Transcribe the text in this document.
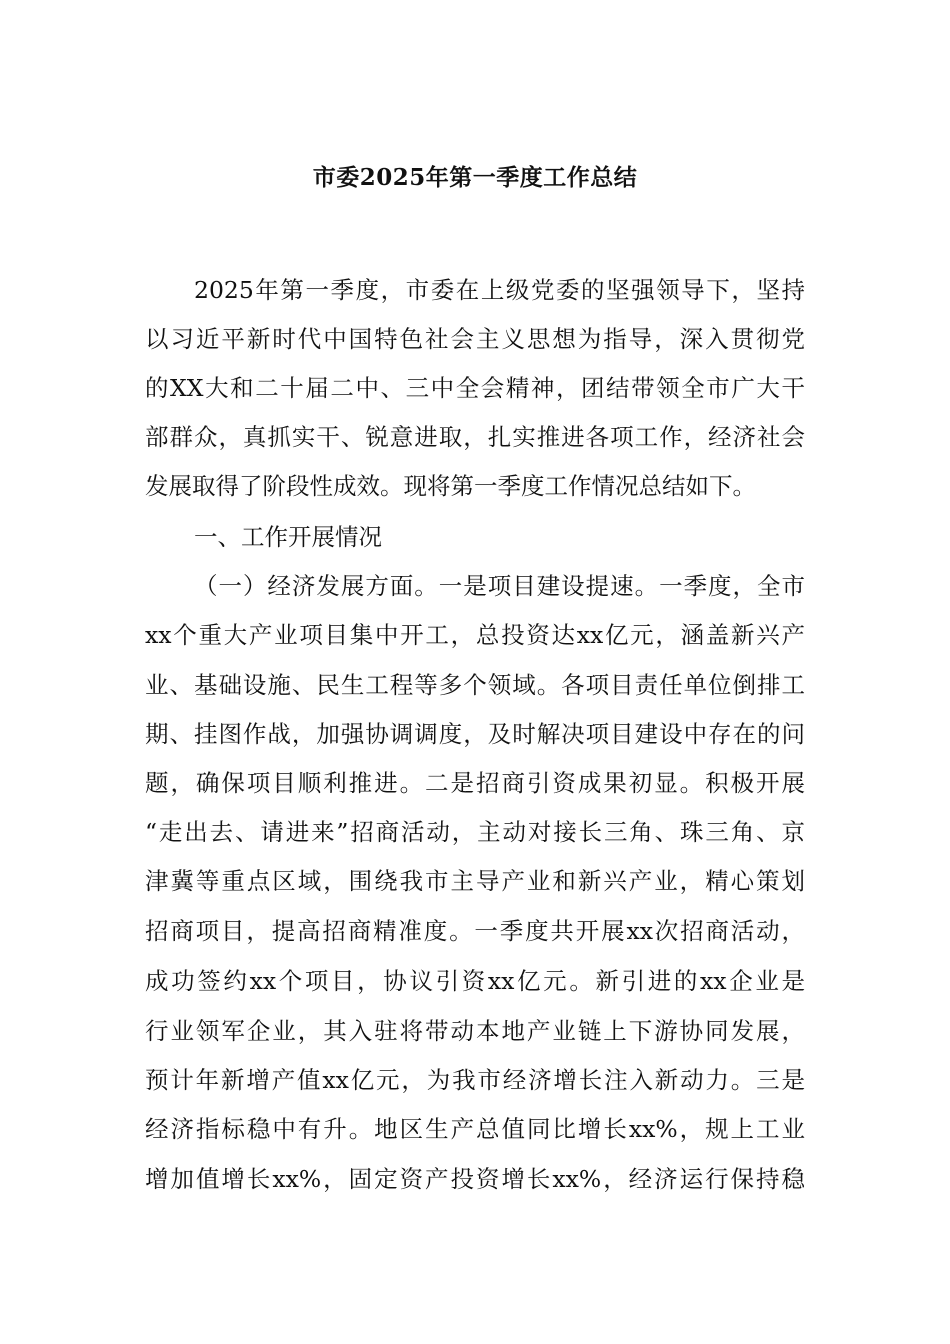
市委2025年第一季度工作总结
2025年第一季度，市委在上级党委的坚强领导下，坚持
以习近平新时代中国特色社会主义思想为指导，深入贯彻党
的XX大和二十届二中、三中全会精神，团结带领全市广大干
部群众，真抓实干、锐意进取，扎实推进各项工作，经济社会
发展取得了阶段性成效。现将第一季度工作情况总结如下。
一、工作开展情况
（一）经济发展方面。一是项目建设提速。一季度，全市
xx个重大产业项目集中开工，总投资达xx亿元，涵盖新兴产
业、基础设施、民生工程等多个领域。各项目责任单位倒排工
期、挂图作战，加强协调调度，及时解决项目建设中存在的问
题，确保项目顺利推进。二是招商引资成果初显。积极开展
“走出去、请进来”招商活动，主动对接长三角、珠三角、京
津冀等重点区域，围绕我市主导产业和新兴产业，精心策划
招商项目，提高招商精准度。一季度共开展xx次招商活动，
成功签约xx个项目，协议引资xx亿元。新引进的xx企业是
行业领军企业，其入驻将带动本地产业链上下游协同发展，
预计年新增产值xx亿元，为我市经济增长注入新动力。三是
经济指标稳中有升。地区生产总值同比增长xx%，规上工业
增加值增长xx%，固定资产投资增长xx%，经济运行保持稳
